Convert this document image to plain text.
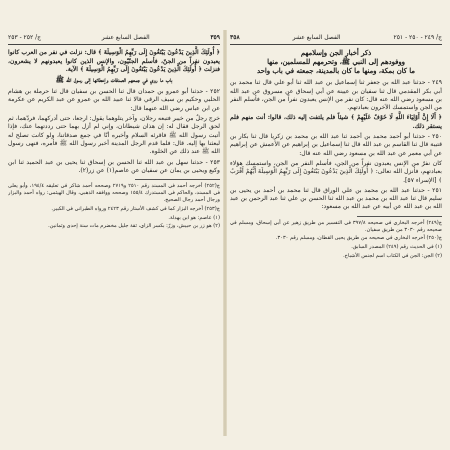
٣٥٩
الفصل السابع عشر
ج/ ٢٥٢ - ٢٥٣

﴿ أُولَئِكَ الَّذِينَ يَدْعُونَ يَبْتَغُونَ إِلَى رَبِّهِمُ الْوَسِيلَةَ ﴾ قال: نزلت في نفر من العرب كانوا يعبدون نفراً من الجنّ، فأسلم الجنّيّون، والإنس الذين كانوا يعبدونهم لا يشعرون، فنزلت ﴿ أُولَئِكَ الَّذِينَ يَدْعُونَ يَبْتَغُونَ إِلَى رَبِّهِمُ الْوَسِيلَةَ ﴾ الآية.

باب ما روي في جمعهم الصدقات وإعطائها إلى رسول الله ﷺ

٢٥٢ - حدثنا أبو عمرو بن حمدان قال ثنا الحسن بن سفيان قال ثنا حرملة بن هشام الحلبي وحكيم بن سيف الرقي قالا ثنا عبيد الله بن عمرو عن عبد الكريم عن عكرمة عن ابن عباس رضي الله عنهما قال:

خرج رجلٌ من خيبر فتبعه رجلان، وآخر يتلوهما يقول: ارجعا، حتى أدركهما، فردّهما، ثم لحق الرجل فقال له: إن هذان شيطانان، وإني لم أزل بهما حتى رددتهما عنك، فإذا أتيت رسول الله ﷺ فاقرئه السلام وأخبره أنّا في جمع صدقاتنا، ولو كانت تصلح له لبعثنا بها إليه. قال: فلما قدم الرجل المدينة أخبر رسول الله ﷺ فأمره، فنهى رسول الله ﷺ عند ذلك عن الخلوة.

٢٥٣ - حدثنا سهل بن عبد الله ثنا الحسن بن إسحاق ثنا يحيى بن عبد الحميد ثنا ابن وكيع ويحيى بن يمان عن سفيان عن عاصم(١) عن زر(٢).

ج(٢٥٢) أخرجه أحمد في المسند رقم ٢٥١٠ و٢٧١٩ وصححه أحمد شاكر في تعليقه ١٩٤/٤، وأبو يعلى في المسند، والحاكم في المستدرك ١٥٥/٤ وصححه ووافقه الذهبي، وقال الهيثمي: رواه أحمد والبزار ورجال أحمد رجال الصحيح.

ج(٢٥٣) أخرجه البزار كما في كشف الأستار رقم ٢٤٢٣ ورواه الطبراني في الكبير.

(١) عاصم: هو ابن بهدلة.

(٢) هو زر بن حبيش، وزرّ: بكسر الزاي، ثقة جليل مخضرم مات سنة إحدى وثمانين.

ج/ ٢٤٩ - ٢٥٠ - ٢٥١
الفصل السابع عشر
٣٥٨
ذكر أخبار الجن وإسلامهم
ووفودهم إلى النبي ﷺ، وتحرمهم للمسلمين، منها
ما كان بمكة، ومنها ما كان بالمدينة، جمعته في باب واحد

٢٤٩ - حدثنا عبد الله بن جعفر ثنا إسماعيل بن عبد الله ثنا أبو علي قال ثنا محمد بن أبي بكر المقدمي قال ثنا سفيان بن عيينة عن أبي إسحاق عن مسروق عن عبد الله بن مسعود رضي الله عنه قال: كان نفر من الإنس يعبدون نفراً من الجن، فأسلم النفر من الجن واستمسك الآخرون بعبادتهم.

﴿ أَلَا إِنَّ أَوْلِيَاءَ اللَّهِ لَا خَوْفٌ عَلَيْهِمْ ﴾ شيئاً فلم يلتفت إليه ذلك، قالوا: أنت منهم فلم يستقر ذلك.

٢٥٠ - حدثنا أبو أحمد محمد بن أحمد ثنا عبد الله بن محمد بن زكريا قال ثنا بكار بن قتيبة قال ثنا القاسم بن عبد الله قال ثنا إسماعيل بن إبراهيم عن الأعمش عن إبراهيم عن أبي معمر عن عبد الله بن مسعود رضي الله عنه قال:

كان نفرٌ من الإنس يعبدون نفراً من الجن، فأسلم النفر من الجن، واستمسك هؤلاء بعبادتهم، فأنزل الله تعالى: ﴿ أُولَئِكَ الَّذِينَ يَدْعُونَ يَبْتَغُونَ إِلَى رَبِّهِمُ الْوَسِيلَةَ أَيُّهُمْ أَقْرَبُ ﴾ [الإسراء ٥٧].

٢٥١ - حدثنا عبد الله بن محمد بن علي الوراق قال ثنا محمد بن أحمد بن يحيى بن سليم قال ثنا عبد الله بن محمد بن عبد الله ثنا الحسن بن علي ثنا عبد الرحمن بن عبد الله بن عبد الله عن أبيه عن عبد الله بن مسعود:

ج(٢٤٩) أخرجه البخاري في صحيحه ٣٩٧/٨ في التفسير من طريق زهير عن أبي إسحاق، ومسلم في صحيحه رقم ٣٠٣٠ من طريق سفيان.

ج(٢٥٠) أخرجه البخاري في صحيحه من طريق يحيى القطان، ومسلم رقم ٣٠٣٠.

(١) في الحديث رقم (٢٤٩) المصدر السابق.

(٢) الجن: الجن في الكتاب اسم لجنس الأشباح.
